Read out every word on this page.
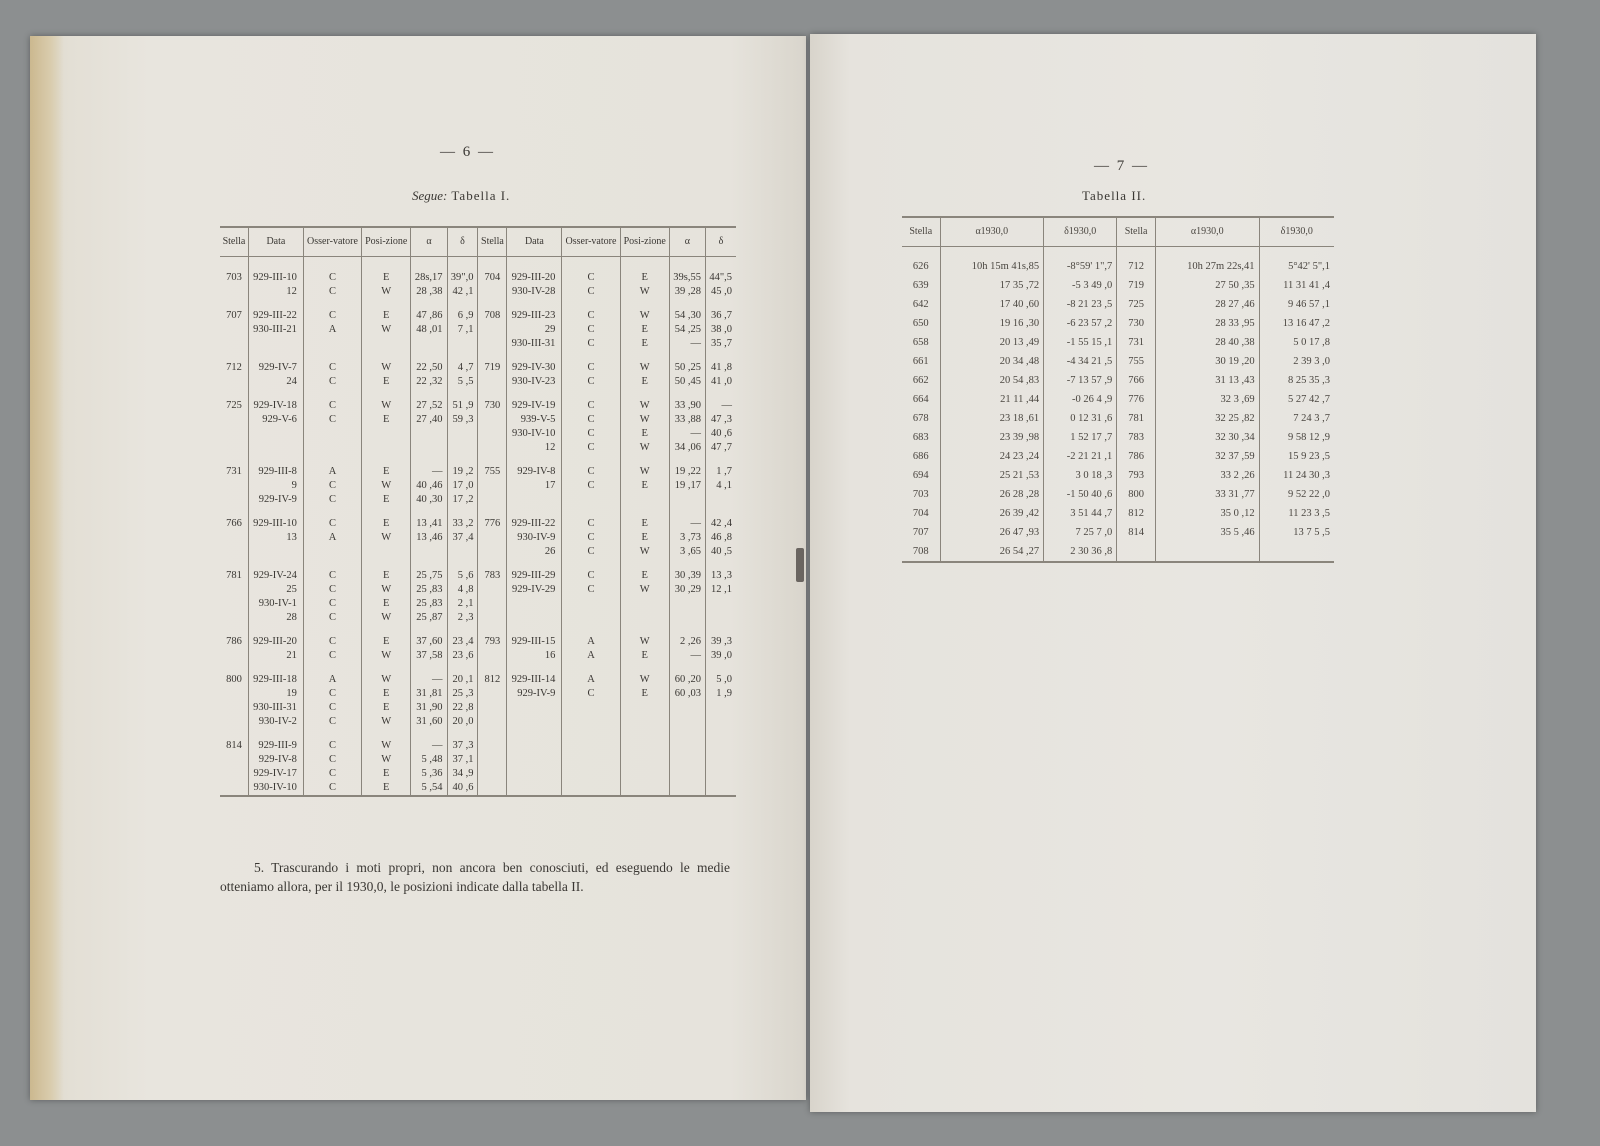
— 6 —
Segue: Tabella I.
Stella	Data	Osser-vatore	Posi-zione	α	δ	Stella	Data	Osser-vatore	Posi-zione	α	δ
703	929-III-10	C	E	28s,17	39",0	704	929-III-20	C	E	39s,55	44",5
	12	C	W	28 ,38	42 ,1		930-IV-28	C	W	39 ,28	45 ,0
707	929-III-22	C	E	47 ,86	6 ,9	708	929-III-23	C	W	54 ,30	36 ,7
	930-III-21	A	W	48 ,01	7 ,1		29	C	E	54 ,25	38 ,0
							930-III-31	C	E	—	35 ,7
712	929-IV-7	C	W	22 ,50	4 ,7	719	929-IV-30	C	W	50 ,25	41 ,8
	24	C	E	22 ,32	5 ,5		930-IV-23	C	E	50 ,45	41 ,0
725	929-IV-18	C	W	27 ,52	51 ,9	730	929-IV-19	C	W	33 ,90	—
	929-V-6	C	E	27 ,40	59 ,3		939-V-5	C	W	33 ,88	47 ,3
							930-IV-10	C	E	—	40 ,6
							12	C	W	34 ,06	47 ,7
731	929-III-8	A	E	—	19 ,2	755	929-IV-8	C	W	19 ,22	1 ,7
	9	C	W	40 ,46	17 ,0		17	C	E	19 ,17	4 ,1
	929-IV-9	C	E	40 ,30	17 ,2						
766	929-III-10	C	E	13 ,41	33 ,2	776	929-III-22	C	E	—	42 ,4
	13	A	W	13 ,46	37 ,4		930-IV-9	C	E	3 ,73	46 ,8
							26	C	W	3 ,65	40 ,5
781	929-IV-24	C	E	25 ,75	5 ,6	783	929-III-29	C	E	30 ,39	13 ,3
	25	C	W	25 ,83	4 ,8		929-IV-29	C	W	30 ,29	12 ,1
	930-IV-1	C	E	25 ,83	2 ,1						
	28	C	W	25 ,87	2 ,3						
786	929-III-20	C	E	37 ,60	23 ,4	793	929-III-15	A	W	2 ,26	39 ,3
	21	C	W	37 ,58	23 ,6		16	A	E	—	39 ,0
800	929-III-18	A	W	—	20 ,1	812	929-III-14	A	W	60 ,20	5 ,0
	19	C	E	31 ,81	25 ,3		929-IV-9	C	E	60 ,03	1 ,9
	930-III-31	C	E	31 ,90	22 ,8						
	930-IV-2	C	W	31 ,60	20 ,0						
814	929-III-9	C	W	—	37 ,3						
	929-IV-8	C	W	5 ,48	37 ,1						
	929-IV-17	C	E	5 ,36	34 ,9						
	930-IV-10	C	E	5 ,54	40 ,6						

5. Trascurando i moti propri, non ancora ben conosciuti, ed eseguendo le medie otteniamo allora, per il 1930,0, le posizioni indicate dalla tabella II.

— 7 —
Tabella II.
Stella	α1930,0	δ1930,0	Stella	α1930,0	δ1930,0
626	10h 15m 41s,85	-8°59' 1",7	712	10h 27m 22s,41	5°42' 5",1
639	17 35 ,72	-5 3 49 ,0	719	27 50 ,35	11 31 41 ,4
642	17 40 ,60	-8 21 23 ,5	725	28 27 ,46	9 46 57 ,1
650	19 16 ,30	-6 23 57 ,2	730	28 33 ,95	13 16 47 ,2
658	20 13 ,49	-1 55 15 ,1	731	28 40 ,38	5 0 17 ,8
661	20 34 ,48	-4 34 21 ,5	755	30 19 ,20	2 39 3 ,0
662	20 54 ,83	-7 13 57 ,9	766	31 13 ,43	8 25 35 ,3
664	21 11 ,44	-0 26 4 ,9	776	32 3 ,69	5 27 42 ,7
678	23 18 ,61	0 12 31 ,6	781	32 25 ,82	7 24 3 ,7
683	23 39 ,98	1 52 17 ,7	783	32 30 ,34	9 58 12 ,9
686	24 23 ,24	-2 21 21 ,1	786	32 37 ,59	15 9 23 ,5
694	25 21 ,53	3 0 18 ,3	793	33 2 ,26	11 24 30 ,3
703	26 28 ,28	-1 50 40 ,6	800	33 31 ,77	9 52 22 ,0
704	26 39 ,42	3 51 44 ,7	812	35 0 ,12	11 23 3 ,5
707	26 47 ,93	7 25 7 ,0	814	35 5 ,46	13 7 5 ,5
708	26 54 ,27	2 30 36 ,8			
